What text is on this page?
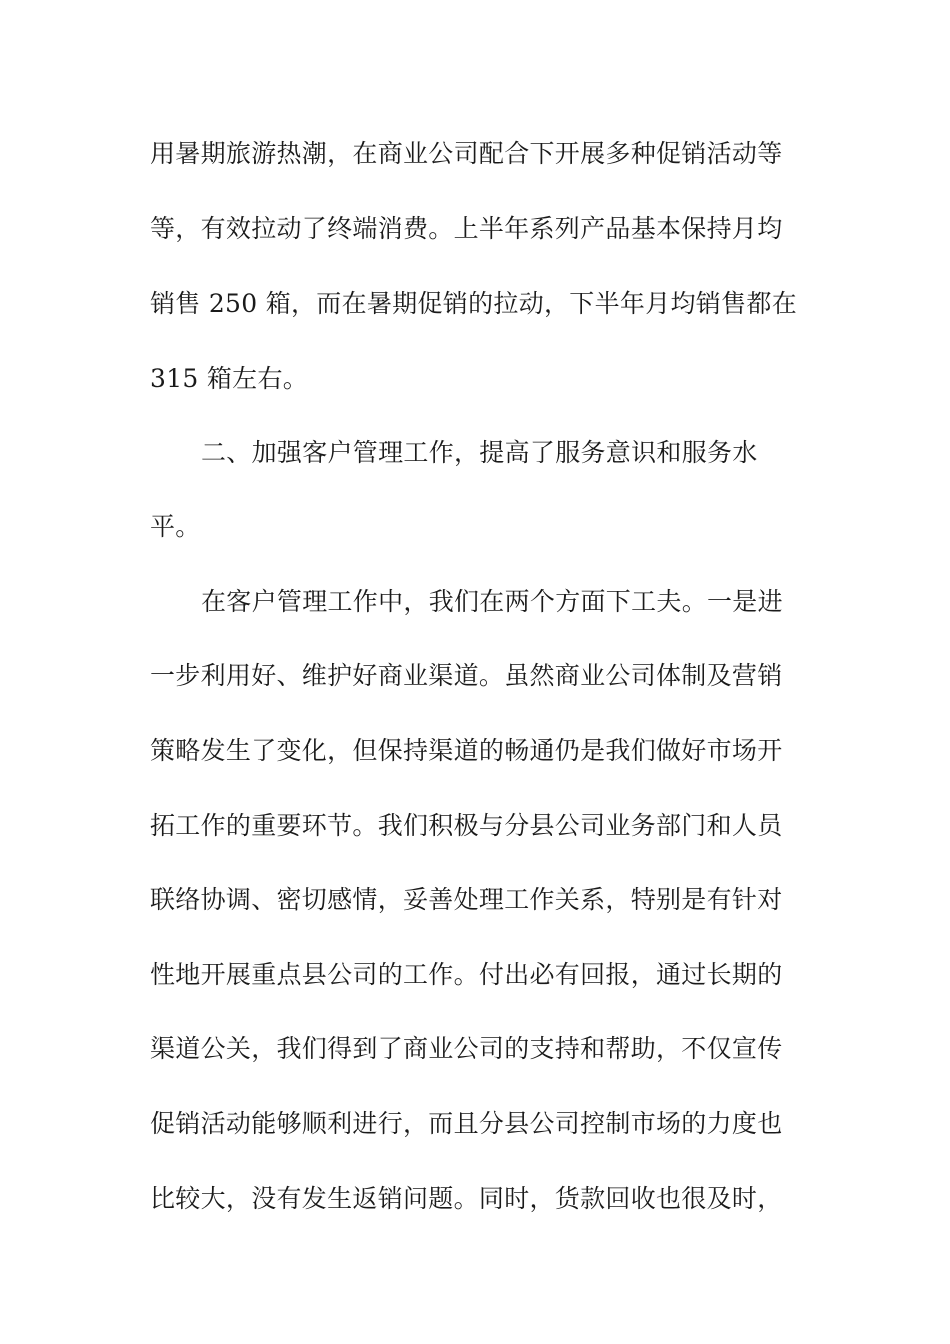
用暑期旅游热潮，在商业公司配合下开展多种促销活动等
等，有效拉动了终端消费。上半年系列产品基本保持月均
销售 250 箱，而在暑期促销的拉动，下半年月均销售都在
315 箱左右。
二、加强客户管理工作，提高了服务意识和服务水
平。
在客户管理工作中，我们在两个方面下工夫。一是进
一步利用好、维护好商业渠道。虽然商业公司体制及营销
策略发生了变化，但保持渠道的畅通仍是我们做好市场开
拓工作的重要环节。我们积极与分县公司业务部门和人员
联络协调、密切感情，妥善处理工作关系，特别是有针对
性地开展重点县公司的工作。付出必有回报，通过长期的
渠道公关，我们得到了商业公司的支持和帮助，不仅宣传
促销活动能够顺利进行，而且分县公司控制市场的力度也
比较大，没有发生返销问题。同时，货款回收也很及时，
